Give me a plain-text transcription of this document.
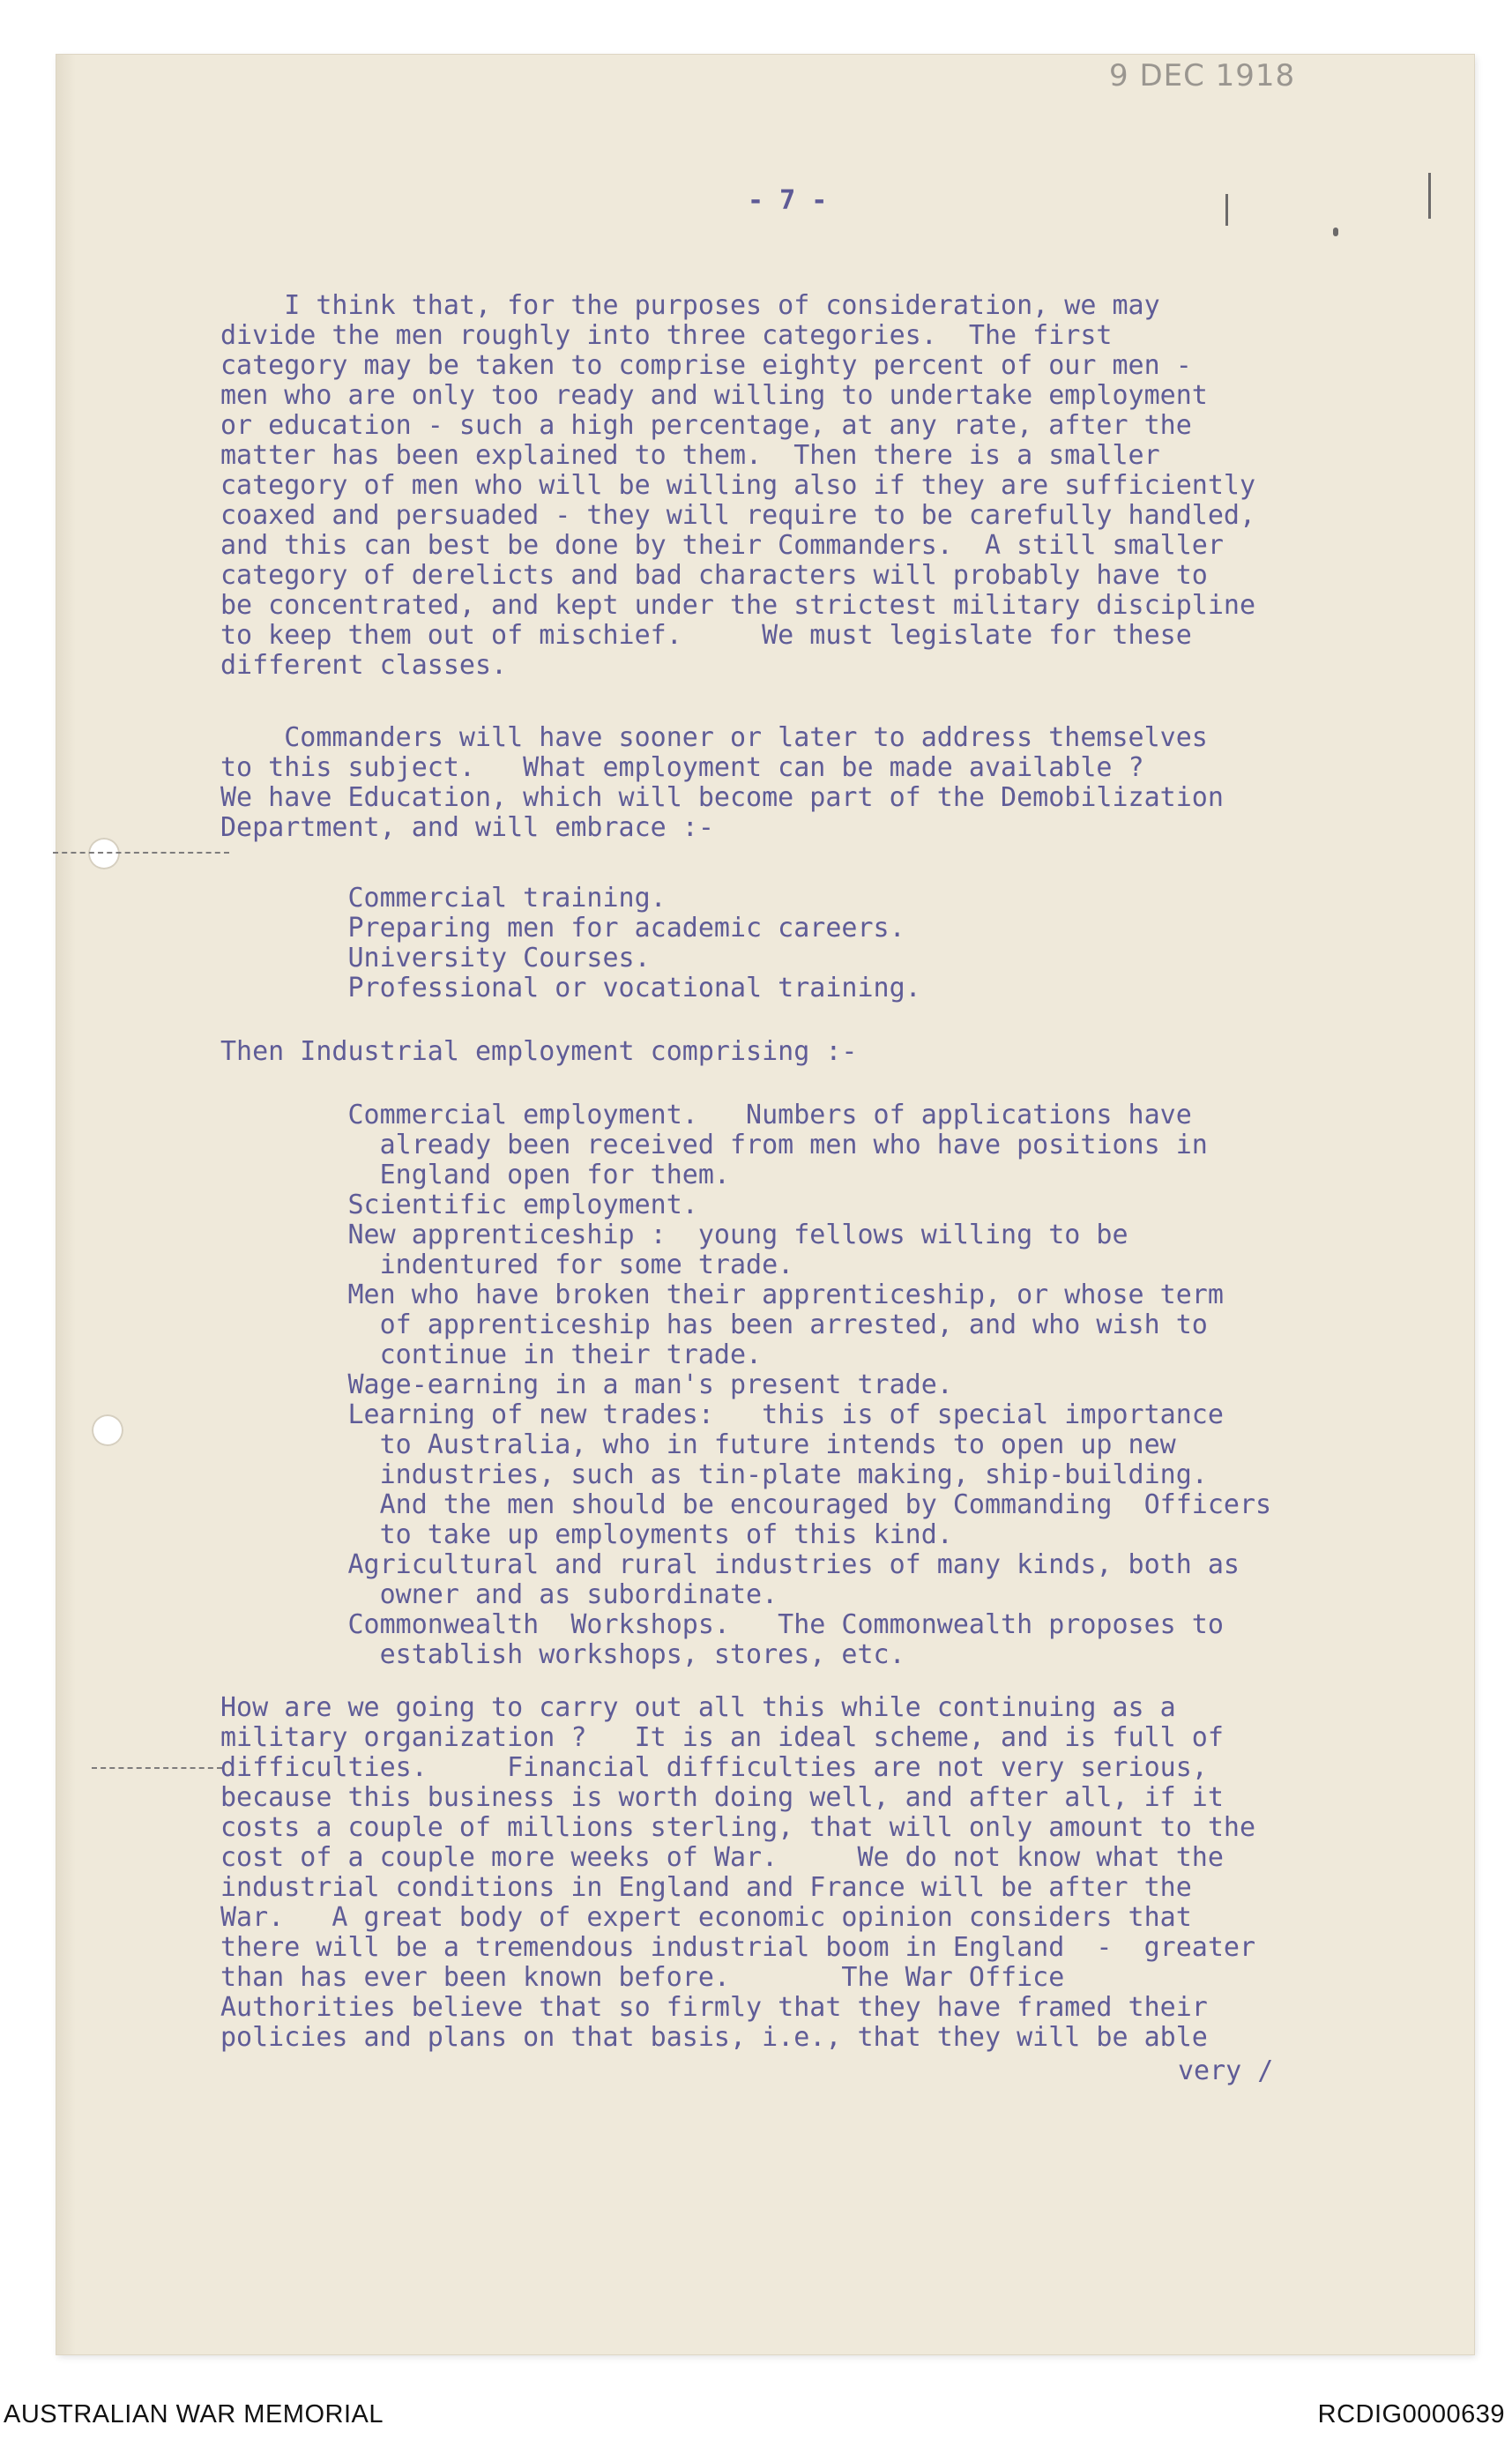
9 DEC 1918
- 7 -
I think that, for the purposes of consideration, we may
divide the men roughly into three categories.  The first
category may be taken to comprise eighty percent of our men -
men who are only too ready and willing to undertake employment
or education - such a high percentage, at any rate, after the
matter has been explained to them.  Then there is a smaller
category of men who will be willing also if they are sufficiently
coaxed and persuaded - they will require to be carefully handled,
and this can best be done by their Commanders.  A still smaller
category of derelicts and bad characters will probably have to
be concentrated, and kept under the strictest military discipline
to keep them out of mischief.     We must legislate for these
different classes.
Commanders will have sooner or later to address themselves
to this subject.   What employment can be made available ?
We have Education, which will become part of the Demobilization
Department, and will embrace :-
Commercial training.
Preparing men for academic careers.
University Courses.
Professional or vocational training.
Then Industrial employment comprising :-
Commercial employment.   Numbers of applications have
already been received from men who have positions in
England open for them.
Scientific employment.
New apprenticeship :  young fellows willing to be
indentured for some trade.
Men who have broken their apprenticeship, or whose term
of apprenticeship has been arrested, and who wish to
continue in their trade.
Wage-earning in a man's present trade.
Learning of new trades:   this is of special importance
to Australia, who in future intends to open up new
industries, such as tin-plate making, ship-building.
And the men should be encouraged by Commanding  Officers
to take up employments of this kind.
Agricultural and rural industries of many kinds, both as
owner and as subordinate.
Commonwealth  Workshops.   The Commonwealth proposes to
establish workshops, stores, etc.
How are we going to carry out all this while continuing as a
military organization ?   It is an ideal scheme, and is full of
difficulties.     Financial difficulties are not very serious,
because this business is worth doing well, and after all, if it
costs a couple of millions sterling, that will only amount to the
cost of a couple more weeks of War.     We do not know what the
industrial conditions in England and France will be after the
War.   A great body of expert economic opinion considers that
there will be a tremendous industrial boom in England  -  greater
than has ever been known before.       The War Office
Authorities believe that so firmly that they have framed their
policies and plans on that basis, i.e., that they will be able
very /

AUSTRALIAN WAR MEMORIAL	RCDIG0000639
